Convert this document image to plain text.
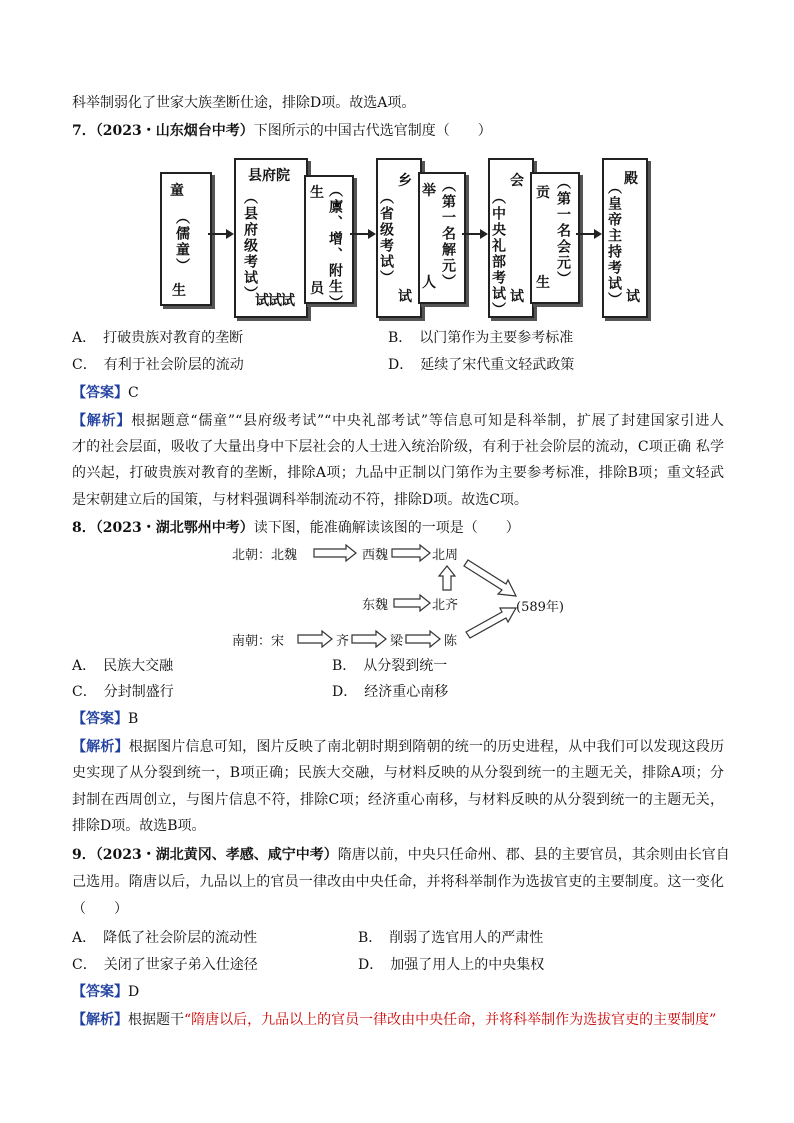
科举制弱化了世家大族垄断仕途，排除D项。故选A项。
7．（2023・山东烟台中考）下图所示的中国古代选官制度（　　）
童
（儒童）
生
县府院
（县府级考试）
试试试
生 （廪、增、附生）
员
乡
（省级考试）
试
举 （第一名解元）
人
会
（中央礼部考试） 试
贡 （第一名会元）
生
殿
（皇帝主持考试） 试
A．　打破贵族对教育的垄断	B．　以门第作为主要参考标准
C．　有利于社会阶层的流动	D．　延续了宋代重文轻武政策
【答案】C
【解析】根据题意“儒童”“县府级考试”“中央礼部考试”等信息可知是科举制，扩展了封建国家引进人
才的社会层面，吸收了大量出身中下层社会的人士进入统治阶级，有利于社会阶层的流动，C项正确 私学
的兴起，打破贵族对教育的垄断，排除A项；九品中正制以门第作为主要参考标准，排除B项；重文轻武
是宋朝建立后的国策，与材料强调科举制流动不符，排除D项。故选C项。
8．（2023・湖北鄂州中考）读下图，能准确解读该图的一项是（　　）
北朝：北魏	西魏	北周
东魏	北齐	(589年)
南朝：宋	齐	梁	陈
A．　民族大交融	B．　从分裂到统一
C．　分封制盛行	D．　经济重心南移
【答案】B
【解析】根据图片信息可知，图片反映了南北朝时期到隋朝的统一的历史进程，从中我们可以发现这段历
史实现了从分裂到统一，B项正确；民族大交融，与材料反映的从分裂到统一的主题无关，排除A项；分
封制在西周创立，与图片信息不符，排除C项；经济重心南移，与材料反映的从分裂到统一的主题无关，
排除D项。故选B项。
9．（2023・湖北黄冈、孝感、咸宁中考）隋唐以前，中央只任命州、郡、县的主要官员，其余则由长官自
己选用。隋唐以后，九品以上的官员一律改由中央任命，并将科举制作为选拔官吏的主要制度。这一变化
（　　）
A．　降低了社会阶层的流动性	B．　削弱了选官用人的严肃性
C．　关闭了世家子弟入仕途径	D．　加强了用人上的中央集权
【答案】D
【解析】根据题干“隋唐以后，九品以上的官员一律改由中央任命，并将科举制作为选拔官吏的主要制度”
